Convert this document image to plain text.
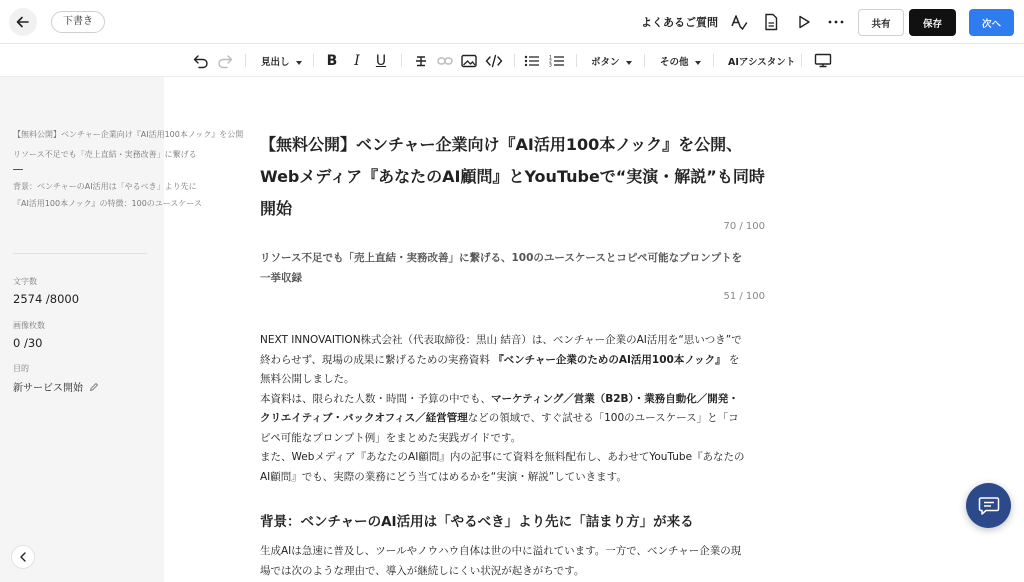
下書き	よくあるご質問	共有	保存	次へ
見出し	B I U	1
2
3	ボタン	その他	AIアシスタント
【無料公開】ベンチャー企業向け『AI活用100本ノック』を公開
リソース不足でも「売上直結・実務改善」に繋げる
背景：ベンチャーのAI活用は「やるべき」より先に
『AI活用100本ノック』の特徴：100のユースケース
文字数
2574 /8000
画像枚数
0 /30
目的
新サービス開始
【無料公開】ベンチャー企業向け『AI活用100本ノック』を公開、
Webメディア『あなたのAI顧問』とYouTubeで“実演・解説”も同時
開始
70 / 100
リソース不足でも「売上直結・実務改善」に繋げる、100のユースケースとコピペ可能なプロンプトを
一挙収録
51 / 100
NEXT INNOVAITION株式会社（代表取締役：黒山 結音）は、ベンチャー企業のAI活用を“思いつき”で
終わらせず、現場の成果に繋げるための実務資料 『ベンチャー企業のためのAI活用100本ノック』 を
無料公開しました。
本資料は、限られた人数・時間・予算の中でも、マーケティング／営業（B2B）・業務自動化／開発・
クリエイティブ・バックオフィス／経営管理などの領域で、すぐ試せる「100のユースケース」と「コ
ピペ可能なプロンプト例」をまとめた実践ガイドです。
また、Webメディア『あなたのAI顧問』内の記事にて資料を無料配布し、あわせてYouTube『あなたの
AI顧問』でも、実際の業務にどう当てはめるかを“実演・解説”していきます。
背景：ベンチャーのAI活用は「やるべき」より先に「詰まり方」が来る
生成AIは急速に普及し、ツールやノウハウ自体は世の中に溢れています。一方で、ベンチャー企業の現
場では次のような理由で、導入が継続しにくい状況が起きがちです。
